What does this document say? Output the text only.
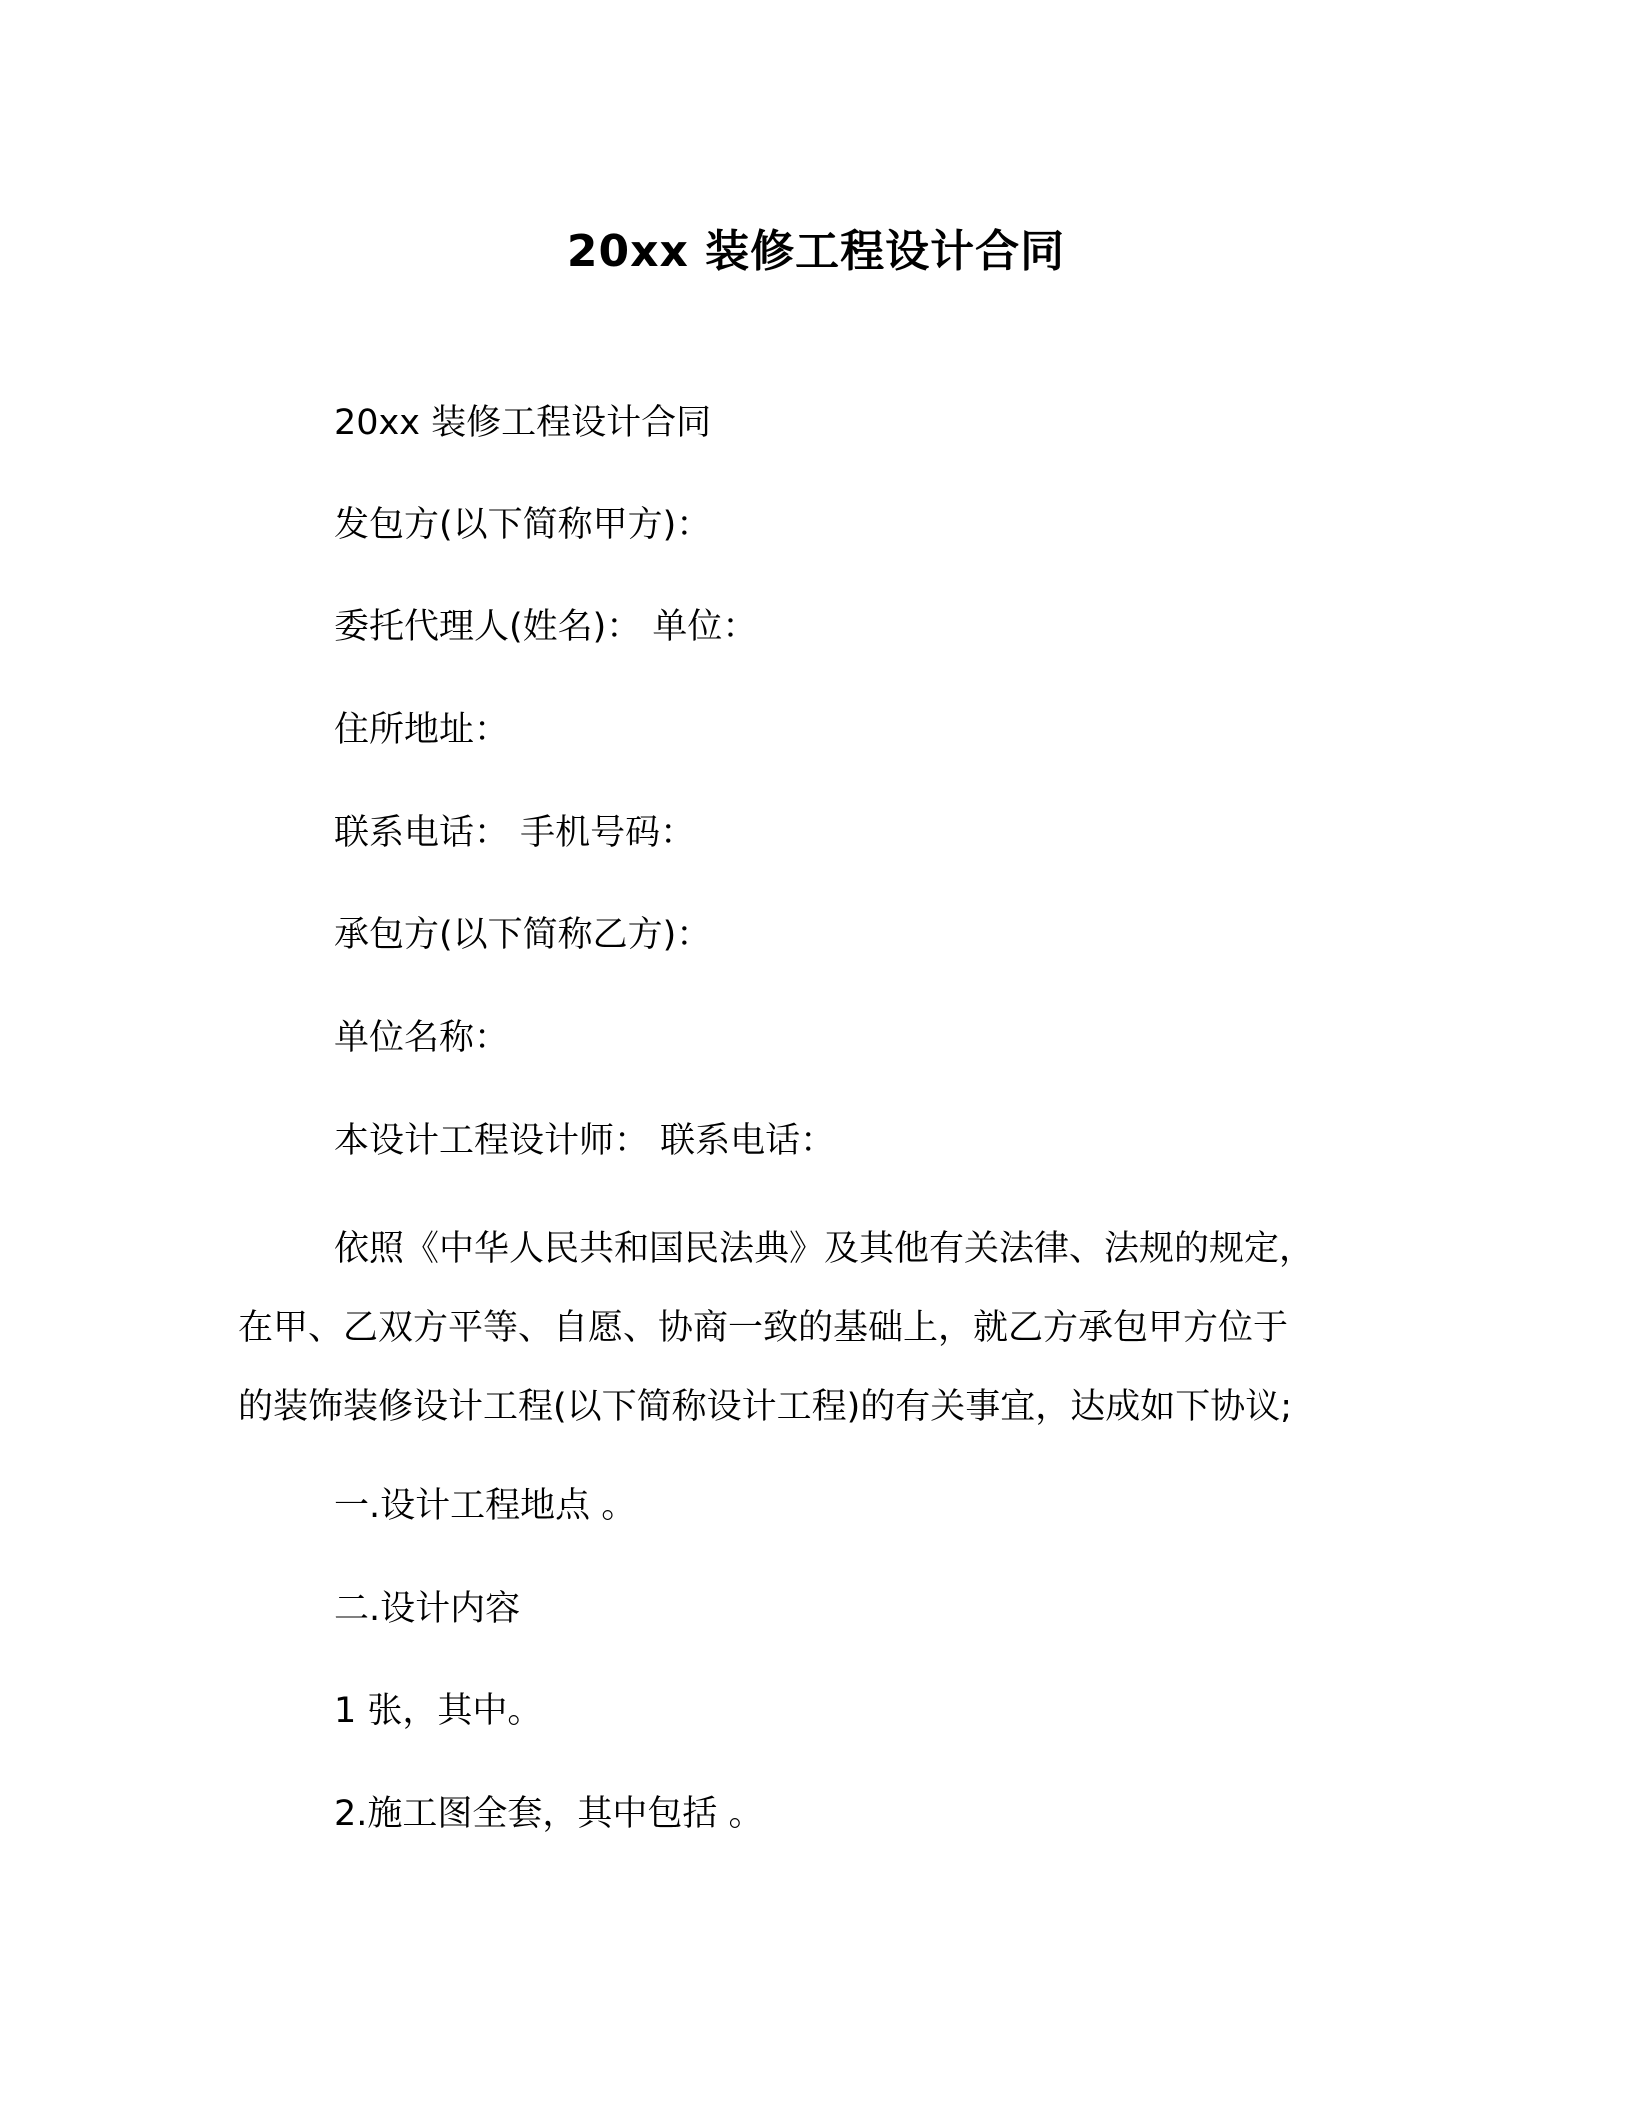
20xx 装修工程设计合同
20xx 装修工程设计合同
发包方(以下简称甲方)：
委托代理人(姓名)： 单位：
住所地址：
联系电话： 手机号码：
承包方(以下简称乙方)：
单位名称：
本设计工程设计师： 联系电话：
依照《中华人民共和国民法典》及其他有关法律、法规的规定，
在甲、乙双方平等、自愿、协商一致的基础上，就乙方承包甲方位于
的装饰装修设计工程(以下简称设计工程)的有关事宜，达成如下协议;
一.设计工程地点 。
二.设计内容
1 张，其中。
2.施工图全套，其中包括 。
